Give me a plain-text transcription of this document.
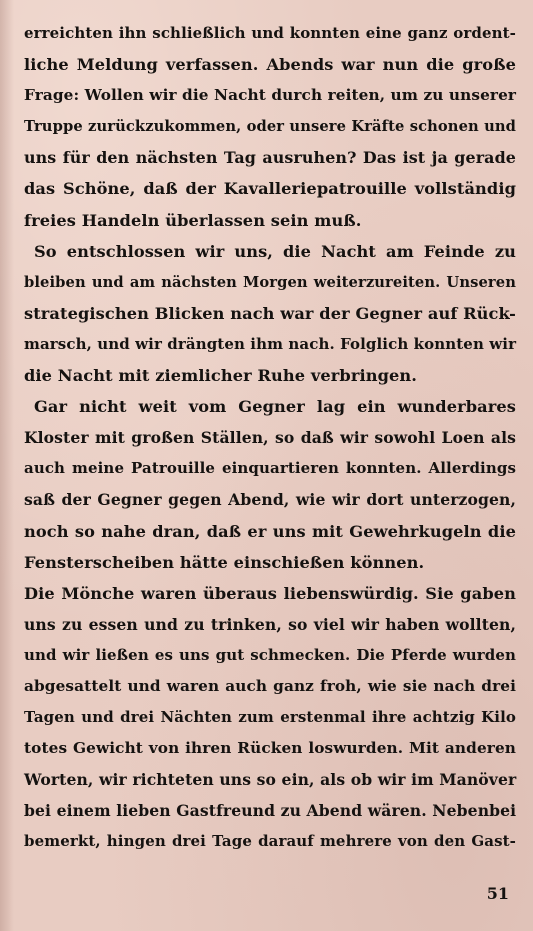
erreichten ihn schließlich und konnten eine ganz ordent-
liche Meldung verfassen. Abends war nun die große
Frage: Wollen wir die Nacht durch reiten, um zu unserer
Truppe zurückzukommen, oder unsere Kräfte schonen und
uns für den nächsten Tag ausruhen? Das ist ja gerade
das Schöne, daß der Kavalleriepatrouille vollständig
freies Handeln überlassen sein muß.
So entschlossen wir uns, die Nacht am Feinde zu
bleiben und am nächsten Morgen weiterzureiten. Unseren
strategischen Blicken nach war der Gegner auf Rück-
marsch, und wir drängten ihm nach. Folglich konnten wir
die Nacht mit ziemlicher Ruhe verbringen.
Gar nicht weit vom Gegner lag ein wunderbares
Kloster mit großen Ställen, so daß wir sowohl Loen als
auch meine Patrouille einquartieren konnten. Allerdings
saß der Gegner gegen Abend, wie wir dort unterzogen,
noch so nahe dran, daß er uns mit Gewehrkugeln die
Fensterscheiben hätte einschießen können.
Die Mönche waren überaus liebenswürdig. Sie gaben
uns zu essen und zu trinken, so viel wir haben wollten,
und wir ließen es uns gut schmecken. Die Pferde wurden
abgesattelt und waren auch ganz froh, wie sie nach drei
Tagen und drei Nächten zum erstenmal ihre achtzig Kilo
totes Gewicht von ihren Rücken loswurden. Mit anderen
Worten, wir richteten uns so ein, als ob wir im Manöver
bei einem lieben Gastfreund zu Abend wären. Nebenbei
bemerkt, hingen drei Tage darauf mehrere von den Gast-
51
